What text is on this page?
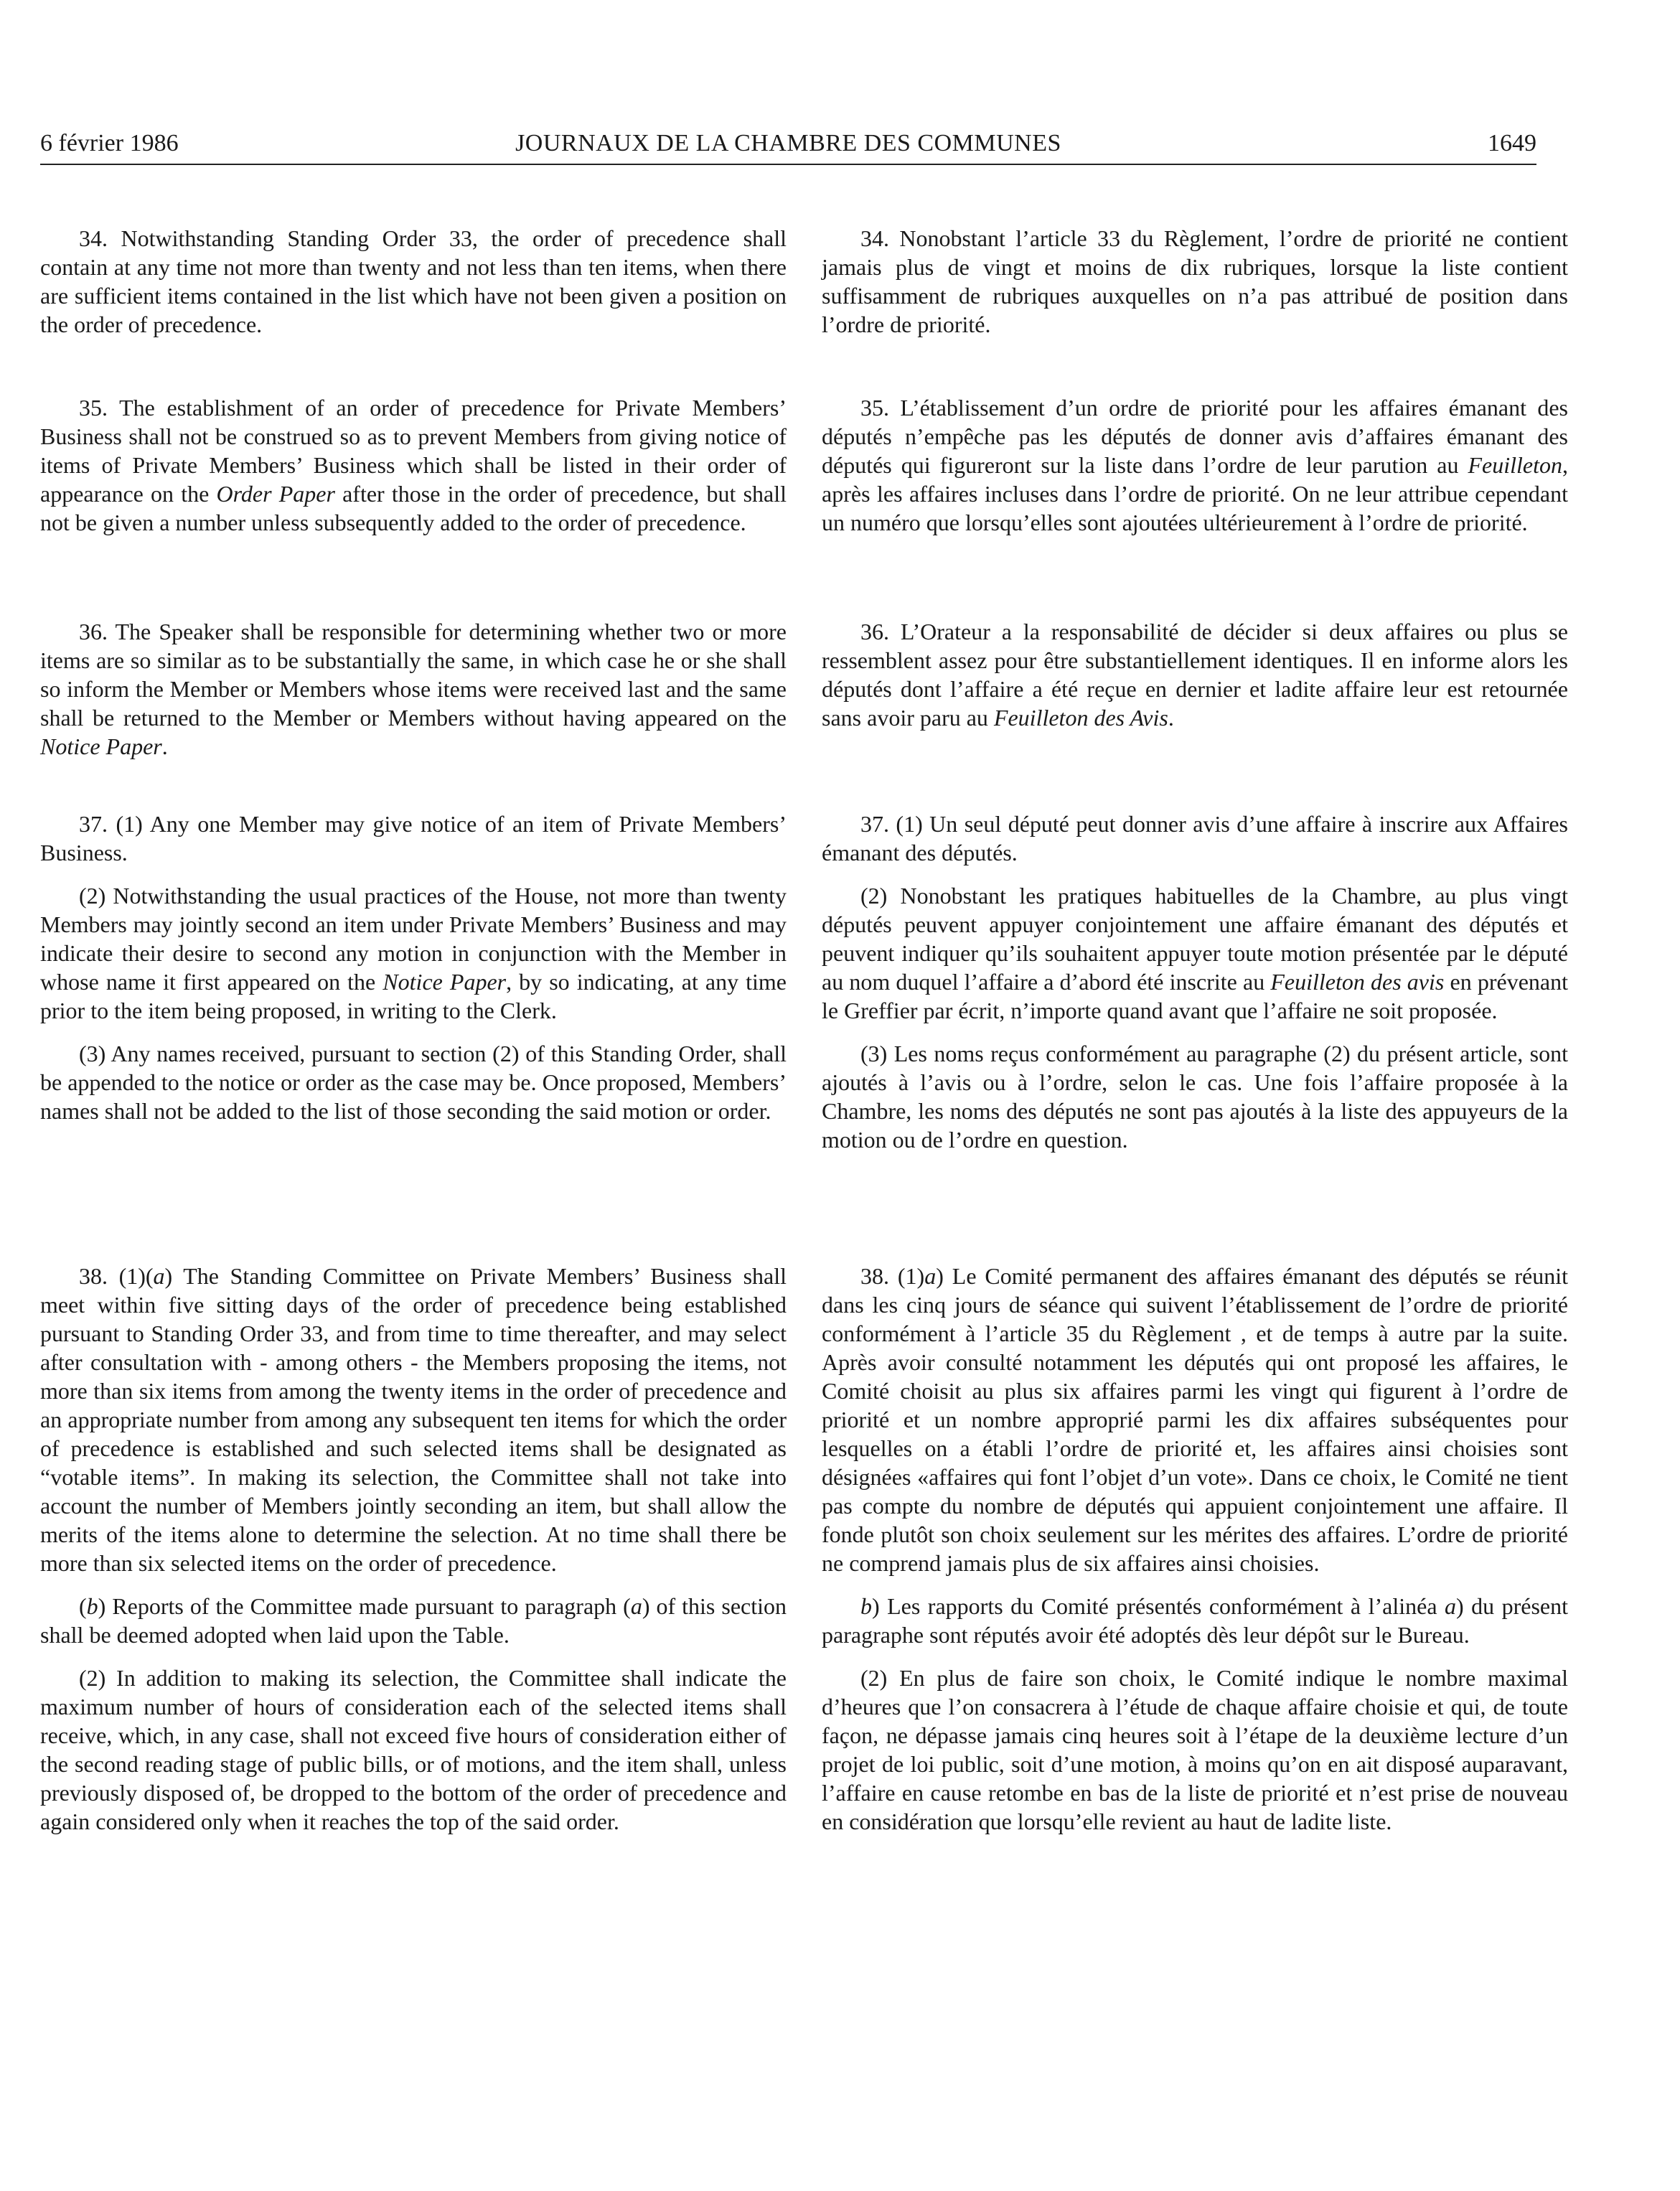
6 février 1986	JOURNAUX DE LA CHAMBRE DES COMMUNES	1649

34. Notwithstanding Standing Order 33, the order of precedence shall contain at any time not more than twenty and not less than ten items, when there are sufficient items contained in the list which have not been given a position on the order of precedence.

35. The establishment of an order of precedence for Private Members’ Business shall not be construed so as to prevent Members from giving notice of items of Private Members’ Business which shall be listed in their order of appearance on the Order Paper after those in the order of precedence, but shall not be given a number unless subsequently added to the order of precedence.

36. The Speaker shall be responsible for determining whether two or more items are so similar as to be substantially the same, in which case he or she shall so inform the Member or Members whose items were received last and the same shall be returned to the Member or Members without having appeared on the Notice Paper.

37. (1) Any one Member may give notice of an item of Private Members’ Business.

(2) Notwithstanding the usual practices of the House, not more than twenty Members may jointly second an item under Private Members’ Business and may indicate their desire to second any motion in conjunction with the Member in whose name it first appeared on the Notice Paper, by so indicating, at any time prior to the item being proposed, in writing to the Clerk.

(3) Any names received, pursuant to section (2) of this Standing Order, shall be appended to the notice or order as the case may be. Once proposed, Members’ names shall not be added to the list of those seconding the said motion or order.

38. (1)(a) The Standing Committee on Private Members’ Business shall meet within five sitting days of the order of precedence being established pursuant to Standing Order 33, and from time to time thereafter, and may select after consultation with - among others - the Members proposing the items, not more than six items from among the twenty items in the order of precedence and an appropriate number from among any subsequent ten items for which the order of precedence is established and such selected items shall be designated as “votable items”. In making its selection, the Committee shall not take into account the number of Members jointly seconding an item, but shall allow the merits of the items alone to determine the selection. At no time shall there be more than six selected items on the order of precedence.

(b) Reports of the Committee made pursuant to paragraph (a) of this section shall be deemed adopted when laid upon the Table.

(2) In addition to making its selection, the Committee shall indicate the maximum number of hours of consideration each of the selected items shall receive, which, in any case, shall not exceed five hours of consideration either of the second reading stage of public bills, or of motions, and the item shall, unless previously disposed of, be dropped to the bottom of the order of precedence and again considered only when it reaches the top of the said order.

34. Nonobstant l’article 33 du Règlement, l’ordre de priorité ne contient jamais plus de vingt et moins de dix rubriques, lorsque la liste contient suffisamment de rubriques auxquelles on n’a pas attribué de position dans l’ordre de priorité.

35. L’établissement d’un ordre de priorité pour les affaires émanant des députés n’empêche pas les députés de donner avis d’affaires émanant des députés qui figureront sur la liste dans l’ordre de leur parution au Feuilleton, après les affaires incluses dans l’ordre de priorité. On ne leur attribue cependant un numéro que lorsqu’elles sont ajoutées ultérieurement à l’ordre de priorité.

36. L’Orateur a la responsabilité de décider si deux affaires ou plus se ressemblent assez pour être substantiellement identiques. Il en informe alors les députés dont l’affaire a été reçue en dernier et ladite affaire leur est retournée sans avoir paru au Feuilleton des Avis.

37. (1) Un seul député peut donner avis d’une affaire à inscrire aux Affaires émanant des députés.

(2) Nonobstant les pratiques habituelles de la Chambre, au plus vingt députés peuvent appuyer conjointement une affaire émanant des députés et peuvent indiquer qu’ils souhaitent appuyer toute motion présentée par le député au nom duquel l’affaire a d’abord été inscrite au Feuilleton des avis en prévenant le Greffier par écrit, n’importe quand avant que l’affaire ne soit proposée.

(3) Les noms reçus conformément au paragraphe (2) du présent article, sont ajoutés à l’avis ou à l’ordre, selon le cas. Une fois l’affaire proposée à la Chambre, les noms des députés ne sont pas ajoutés à la liste des appuyeurs de la motion ou de l’ordre en question.

38. (1)a) Le Comité permanent des affaires émanant des députés se réunit dans les cinq jours de séance qui suivent l’établissement de l’ordre de priorité conformément à l’article 35 du Règlement , et de temps à autre par la suite. Après avoir consulté notamment les députés qui ont proposé les affaires, le Comité choisit au plus six affaires parmi les vingt qui figurent à l’ordre de priorité et un nombre approprié parmi les dix affaires subséquentes pour lesquelles on a établi l’ordre de priorité et, les affaires ainsi choisies sont désignées «affaires qui font l’objet d’un vote». Dans ce choix, le Comité ne tient pas compte du nombre de députés qui appuient conjointement une affaire. Il fonde plutôt son choix seulement sur les mérites des affaires. L’ordre de priorité ne comprend jamais plus de six affaires ainsi choisies.

b) Les rapports du Comité présentés conformément à l’alinéa a) du présent paragraphe sont réputés avoir été adoptés dès leur dépôt sur le Bureau.

(2) En plus de faire son choix, le Comité indique le nombre maximal d’heures que l’on consacrera à l’étude de chaque affaire choisie et qui, de toute façon, ne dépasse jamais cinq heures soit à l’étape de la deuxième lecture d’un projet de loi public, soit d’une motion, à moins qu’on en ait disposé auparavant, l’affaire en cause retombe en bas de la liste de priorité et n’est prise de nouveau en considération que lorsqu’elle revient au haut de ladite liste.
